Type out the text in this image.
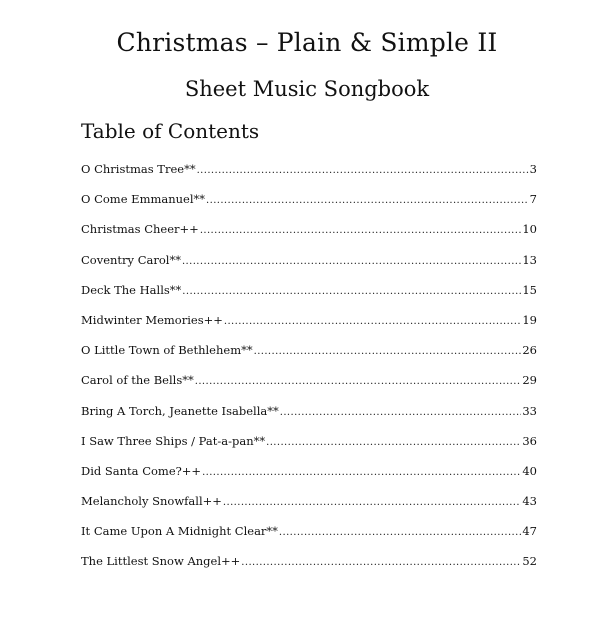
Christmas – Plain & Simple II
Sheet Music Songbook
Table of Contents
O Christmas Tree** .....	3
O Come Emmanuel** .....	7
Christmas Cheer++ .....	10
Coventry Carol** .....	13
Deck The Halls** .....	15
Midwinter Memories++ .....	19
O Little Town of Bethlehem** .....	26
Carol of the Bells** .....	29
Bring A Torch, Jeanette Isabella** .....	33
I Saw Three Ships / Pat-a-pan** .....	36
Did Santa Come?++ .....	40
Melancholy Snowfall++ .....	43
It Came Upon A Midnight Clear** .....	47
The Littlest Snow Angel++ .....	52
